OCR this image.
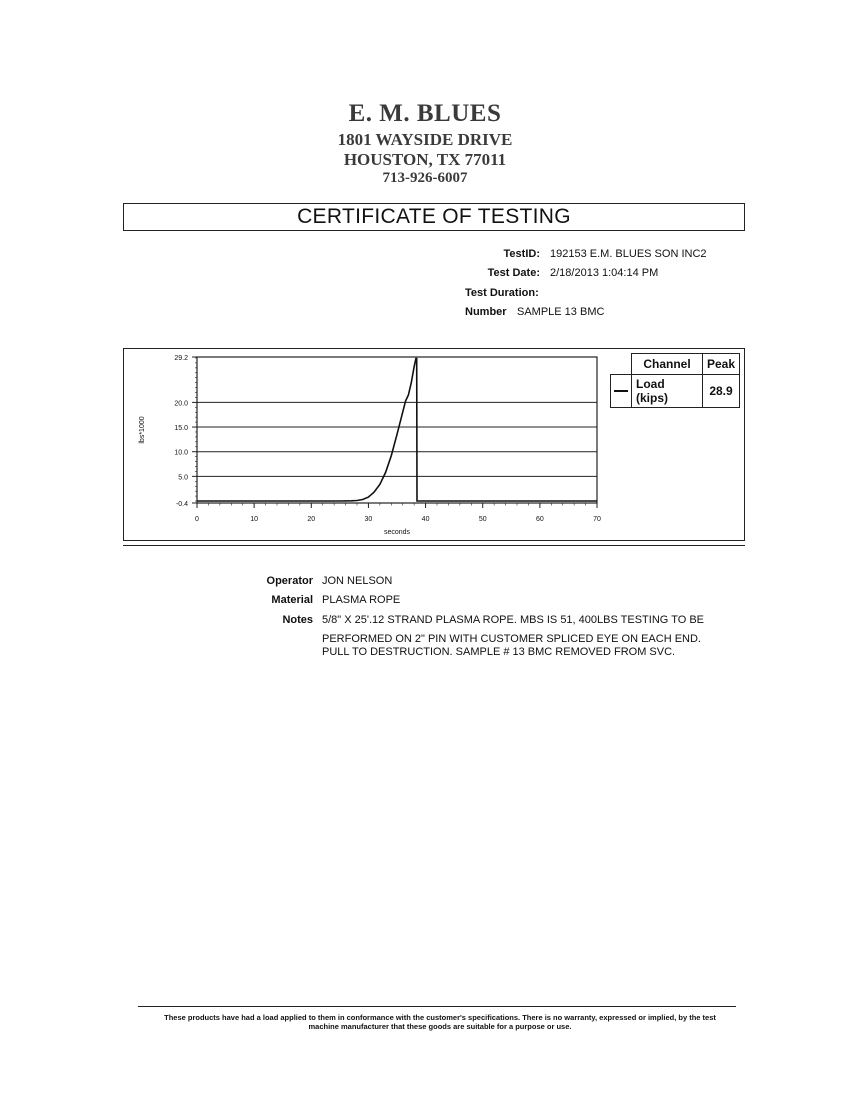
E. M. BLUES
1801 WAYSIDE DRIVE
HOUSTON, TX 77011
713-926-6007
CERTIFICATE OF TESTING
TestID: 192153 E.M. BLUES SON INC2
Test Date: 2/18/2013 1:04:14 PM
Test Duration:
Number SAMPLE 13 BMC
-0.4
5.0
10.0
15.0
20.0
29.2
0	10	20	30	40	50	60	70
seconds
lbs*1000
	Channel	Peak

	Load (kips)	28.9
Operator JON NELSON
Material PLASMA ROPE
Notes 5/8" X 25'.12 STRAND PLASMA ROPE. MBS IS 51, 400LBS TESTING TO BE
PERFORMED ON 2" PIN WITH CUSTOMER SPLICED EYE ON EACH END.
PULL TO DESTRUCTION. SAMPLE # 13 BMC REMOVED FROM SVC.
These products have had a load applied to them in conformance with the customer's specifications. There is no warranty, expressed or implied, by the test
machine manufacturer that these goods are suitable for a purpose or use.
